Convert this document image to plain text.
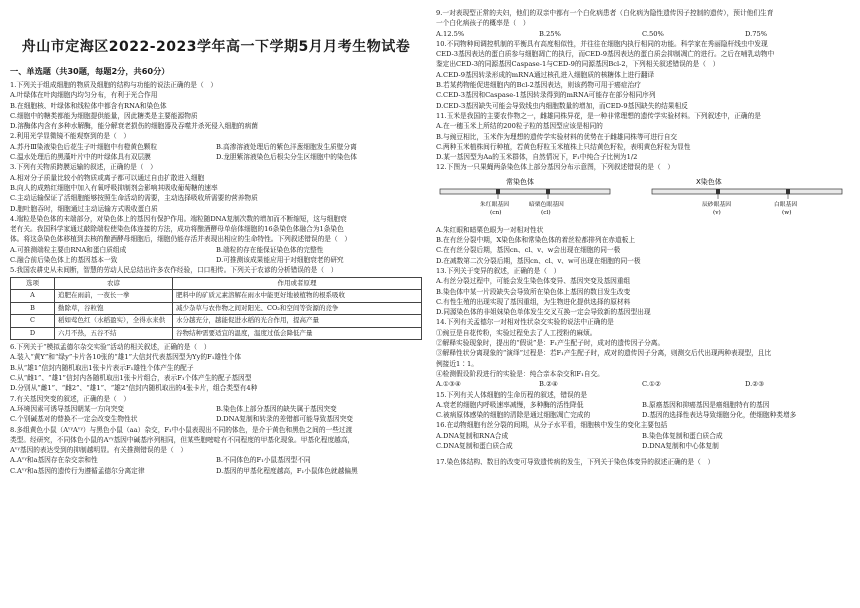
舟山市定海区2022-2023学年高一下学期5月月考生物试卷
一、单选题（共30题，每题2分，共60分）
1.下列关于组成细胞的物质及细胞的结构与功能的说法正确的是（　）
A.叶绿体在叶肉细胞内均匀分布，有利于光合作用
B.在细胞核、叶绿体和线粒体中都含有RNA和染色体
C.细胞中的糖类都能为细胞提供能量，因此糖类是主要能源物质
D.溶酶体内含有多种水解酶，能分解衰老损伤的细胞器及吞噬并杀死侵入细胞的病菌
2.利用光学显微镜不能观察到的是（　）
A.苏丹Ⅲ染液染色后花生子叶细胞中有橙黄色颗粒	B.高渗溶液处理后的紫色洋葱细胞发生质壁分离
C.温水处理后的黑藻叶片中的叶绿体具有双层膜	D.龙胆紫溶液染色后根尖分生区细胞中的染色体
3.下列有关物质跨膜运输的叙述，正确的是（　）
A.相对分子质量比较小的物质或离子都可以通过自由扩散进入细胞
B.向人的成熟红细胞中加入有氧呼吸抑制剂会影响其吸收葡萄糖的速率
C.主动运输保证了活细胞能够按照生命活动的需要，主动选择吸收所需要的营养物质
D.胞吐胞吞时，细胞通过主动运输方式吸收蛋白质
4.端粒是染色体的末端部分，对染色体上的基因有保护作用。端粒随DNA复制次数的增加而不断缩短，这与细胞衰
老有关。我国科学家通过敲除端粒使染色体连接的方法，成功将酿酒酵母单倍体细胞的16条染色体融合为1条染色
体。将这条染色体移植到去核的酿酒酵母细胞后，细胞仍能存活并表现出相应的生命特性。下列叙述错误的是（　）
A.可推测端粒主要由RNA和蛋白质组成	B.端粒的存在能保证染色体的完整性
C.融合前后染色体上的基因基本一致	D.可推测该成果能应用于对细胞衰老的研究
5.我国农耕史从未间断，智慧的劳动人民总结出许多农作经验，口口相传。下列关于农谚的分析错误的是（　）
选项	农谚	作用或者原理
A	追肥在雨前，一夜长一拳	肥料中的矿质元素溶解在雨水中能更好地被植物的根系吸收
B	勤除草，谷粒饱	减少杂草与农作物之间对阳光、CO₂和空间等资源的竞争
C	稻如莺色红（水稻盈实），全得水来供	水分越充分，越能促进水稻的光合作用，提高产量
D	六月不热，五谷不结	谷物结种需要适宜的温度，温度过低会降低产量
6.下列关于“模拟孟德尔杂交实验”活动的相关叙述，正确的是（　）
A.装入“黄Y”和“绿y”卡片各10张的“雄1”大信封代表基因型为Yy的F₁雄性个体
B.从“雄1”信封内随机取出1张卡片表示F₁雄性个体产生的配子
C.从“雌1”、“雄1”信封内各随机取出1张卡片组合，表示F₁个体产生的配子基因型
D.分别从“雌1”、“雌2”、“雄1”、“雄2”信封内随机取出的4张卡片，组合类型有4种
7.有关基因突变的叙述，正确的是（　）
A.环境因素可诱导基因朝某一方向突变	B.染色体上部分基因的缺失属于基因突变
C.个别碱基对的替换不一定会改变生物性状	D.DNA复制和转录的差错都可能导致基因突变
8.多组黄色小鼠（AᵛᵞAᵛᵞ）与黑色小鼠（aa）杂交，F₁中小鼠表现出不同的体色，是介于黄色和黑色之间的一些过渡
类型。经研究，不同体色小鼠的Aᵛᵞ基因中碱基序列相同，但某些胞嘧啶有不同程度的甲基化现象。甲基化程度越高，
Aᵛᵞ基因的表达受到的抑制越明显。有关推测错误的是（　）
A.Aᵛᵞ和a基因存在杂交亲和性	B.不同体色的F₁小鼠基因型不同
C.Aᵛᵞ和a基因的遗传行为遵循孟德尔分离定律	D.基因的甲基化程度越高，F₁小鼠体色就越偏黑
9.一对表现型正常的夫妇，他们的双亲中都有一个白化病患者（白化病为隐性遗传因子控制的遗传），预计他们生育
一个白化病孩子的概率是（　）
A.12.5%	B.25%	C.50%	D.75%
10.不同物种间调控机制的平衡具有高度相似性，并往往在细胞内执行相同的功能。科学家在秀丽隐杆线虫中发现
CED-3基因表达的蛋白质参与细胞凋亡的执行，而CED-9基因表达的蛋白质会抑制凋亡的进行。之后在哺乳动物中
鉴定出CED-3的同源基因Caspase-1与CED-9的同源基因Bcl-2，下列相关叙述错误的是（　）
A.CED-9基因转录形成的mRNA通过核孔进入细胞质的核糖体上进行翻译
B.若某药物能促进细胞内的Bcl-2基因表达，则该药物可用于癌症治疗
C.CED-3基因和Caspase-1基因转录得到的mRNA可能存在部分相同序列
D.CED-3基因缺失可能会导致线虫内细胞数量的增加，而CED-9基因缺失的结果相反
11.玉米是我国的主要农作物之一，雌雄同株异花，是一种非常理想的遗传学实验材料。下列叙述中，正确的是
A.在一穗玉米上所结的200粒子粒的基因型应该是相同的
B.与豌豆相比，玉米作为理想的遗传学实验材料的优势在于雌雄同株等可进行自交
C.两种玉米植株间行种植，若黄色籽粒玉米植株上只结黄色籽粒，表明黄色籽粒为显性
D.某一基因型为Aa的玉米群体，自然情况下，F₁中纯合子比例为1/2
12.下图为一只果蝇两条染色体上部分基因分布示意图，下列叙述错误的是（　）
常染色体	X染色体
朱红眼基因
(cn)
暗栗色眼基因
(cl)
辰砂眼基因
(v)
白眼基因
(w)
A.朱红眼和暗栗色眼为一对相对性状
B.在有丝分裂中期，X染色体和常染色体的着丝粒都排列在赤道板上
C.在有丝分裂后期，基因cn、cl、v、w会出现在细胞的同一极
D.在减数第二次分裂后期，基因cn、cl、v、w可出现在细胞的同一极
13.下列关于变异的叙述，正确的是（　）
A.有丝分裂过程中，可能会发生染色体变异、基因突变及基因重组
B.染色体中某一片段缺失会导致所在染色体上基因的数目发生改变
C.有性生殖的出现实现了基因重组，为生物进化提供选择的原材料
D.同源染色体的非姐妹染色单体发生交叉互换一定会导致新的基因型出现
14.下列有关孟德尔一对相对性状杂交实验的说法中正确的是
①豌豆是自花传粉，实验过程免去了人工授粉的麻烦。
②解释实验现象时，提出的“假说”是：F₁产生配子时，成对的遗传因子分离。
③解释性状分离现象的“演绎”过程是：若F₁产生配子时，成对的遗传因子分离，则测交后代出现两种表现型，且比
例接近1∶1。
④检测假设阶段进行的实验是：纯合亲本杂交和F₁自交。
A.①③④	B.②④	C.①②	D.②③
15.下列有关人体细胞的生命历程的叙述，错误的是
A.衰老的细胞内呼吸速率减慢，多种酶的活性降低	B.原癌基因和抑癌基因是癌细胞特有的基因
C.被病原体感染的细胞的清除是通过细胞凋亡完成的	D.基因的选择性表达导致细胞分化，使细胞种类增多
16.在动物细胞有丝分裂的间期，从分子水平看，细胞核中发生的变化主要包括
A.DNA复制和RNA合成	B.染色体复制和蛋白质合成
C.DNA复制和蛋白质合成	D.DNA复制和中心体复制
17.染色体结构、数目的改变可导致遗传病的发生，下列关于染色体变异的叙述正确的是（　）
